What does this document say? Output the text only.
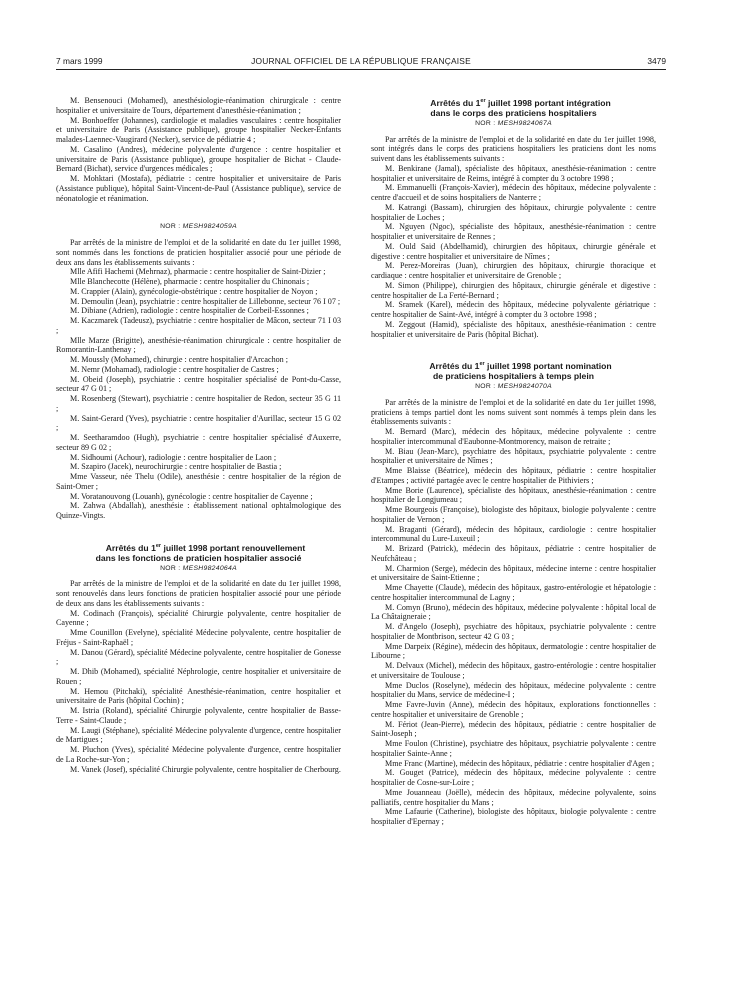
7 mars 1999	JOURNAL OFFICIEL DE LA RÉPUBLIQUE FRANÇAISE	3479

M. Bensenouci (Mohamed), anesthésiologie-réanimation chirurgicale : centre hospitalier et universitaire de Tours, département d'anesthésie-réanimation ;

M. Bonhoeffer (Johannes), cardiologie et maladies vasculaires : centre hospitalier et universitaire de Paris (Assistance publique), groupe hospitalier Necker-Enfants malades-Laennec-Vaugirard (Necker), service de pédiatrie 4 ;

M. Casalino (Andres), médecine polyvalente d'urgence : centre hospitalier et universitaire de Paris (Assistance publique), groupe hospitalier de Bichat - Claude-Bernard (Bichat), service d'urgences médicales ;

M. Mohktari (Mostafa), pédiatrie : centre hospitalier et universitaire de Paris (Assistance publique), hôpital Saint-Vincent-de-Paul (Assistance publique), service de néonatologie et réanimation.

NOR : MESH9824059A

Par arrêtés de la ministre de l'emploi et de la solidarité en date du 1er juillet 1998, sont nommés dans les fonctions de praticien hospitalier associé pour une période de deux ans dans les établissements suivants :

Mlle Afifi Hachemi (Mehrnaz), pharmacie : centre hospitalier de Saint-Dizier ;

Mlle Blanchecotte (Hélène), pharmacie : centre hospitalier du Chinonais ;

M. Crappier (Alain), gynécologie-obstétrique : centre hospitalier de Noyon ;

M. Demoulin (Jean), psychiatrie : centre hospitalier de Lillebonne, secteur 76 I 07 ;

M. Dibiane (Adrien), radiologie : centre hospitalier de Corbeil-Essonnes ;

M. Kaczmarek (Tadeusz), psychiatrie : centre hospitalier de Mâcon, secteur 71 I 03 ;

Mlle Marze (Brigitte), anesthésie-réanimation chirurgicale : centre hospitalier de Romorantin-Lanthenay ;

M. Moussly (Mohamed), chirurgie : centre hospitalier d'Arcachon ;

M. Nemr (Mohamad), radiologie : centre hospitalier de Castres ;

M. Obeid (Joseph), psychiatrie : centre hospitalier spécialisé de Pont-du-Casse, secteur 47 G 01 ;

M. Rosenberg (Stewart), psychiatrie : centre hospitalier de Redon, secteur 35 G 11 ;

M. Saint-Gerard (Yves), psychiatrie : centre hospitalier d'Aurillac, secteur 15 G 02 ;

M. Seetharamdoo (Hugh), psychiatrie : centre hospitalier spécialisé d'Auxerre, secteur 89 G 02 ;

M. Sidhoumi (Achour), radiologie : centre hospitalier de Laon ;

M. Szapiro (Jacek), neurochirurgie : centre hospitalier de Bastia ;

Mme Vasseur, née Thelu (Odile), anesthésie : centre hospitalier de la région de Saint-Omer ;

M. Voratanouvong (Louanh), gynécologie : centre hospitalier de Cayenne ;

M. Zahwa (Abdallah), anesthésie : établissement national ophtalmologique des Quinze-Vingts.

Arrêtés du 1er juillet 1998 portant renouvellement
dans les fonctions de praticien hospitalier associé

NOR : MESH9824064A

Par arrêtés de la ministre de l'emploi et de la solidarité en date du 1er juillet 1998, sont renouvelés dans leurs fonctions de praticien hospitalier associé pour une période de deux ans dans les établissements suivants :

M. Codinach (François), spécialité Chirurgie polyvalente, centre hospitalier de Cayenne ;

Mme Counillon (Evelyne), spécialité Médecine polyvalente, centre hospitalier de Fréjus - Saint-Raphaël ;

M. Danou (Gérard), spécialité Médecine polyvalente, centre hospitalier de Gonesse ;

M. Dhib (Mohamed), spécialité Néphrologie, centre hospitalier et universitaire de Rouen ;

M. Hemou (Pitchaki), spécialité Anesthésie-réanimation, centre hospitalier et universitaire de Paris (hôpital Cochin) ;

M. Istria (Roland), spécialité Chirurgie polyvalente, centre hospitalier de Basse-Terre - Saint-Claude ;

M. Laugi (Stéphane), spécialité Médecine polyvalente d'urgence, centre hospitalier de Martigues ;

M. Pluchon (Yves), spécialité Médecine polyvalente d'urgence, centre hospitalier de La Roche-sur-Yon ;

M. Vanek (Josef), spécialité Chirurgie polyvalente, centre hospitalier de Cherbourg.

Arrêtés du 1er juillet 1998 portant intégration
dans le corps des praticiens hospitaliers

NOR : MESH9824067A

Par arrêtés de la ministre de l'emploi et de la solidarité en date du 1er juillet 1998, sont intégrés dans le corps des praticiens hospitaliers les praticiens dont les noms suivent dans les établissements suivants :

M. Benkirane (Jamal), spécialiste des hôpitaux, anesthésie-réanimation : centre hospitalier et universitaire de Reims, intégré à compter du 3 octobre 1998 ;

M. Emmanuelli (François-Xavier), médecin des hôpitaux, médecine polyvalente : centre d'accueil et de soins hospitaliers de Nanterre ;

M. Katrangi (Bassam), chirurgien des hôpitaux, chirurgie polyvalente : centre hospitalier de Loches ;

M. Nguyen (Ngoc), spécialiste des hôpitaux, anesthésie-réanimation : centre hospitalier et universitaire de Rennes ;

M. Ould Said (Abdelhamid), chirurgien des hôpitaux, chirurgie générale et digestive : centre hospitalier et universitaire de Nîmes ;

M. Perez-Moreiras (Juan), chirurgien des hôpitaux, chirurgie thoracique et cardiaque : centre hospitalier et universitaire de Grenoble ;

M. Simon (Philippe), chirurgien des hôpitaux, chirurgie générale et digestive : centre hospitalier de La Ferté-Bernard ;

M. Sramek (Karel), médecin des hôpitaux, médecine polyvalente gériatrique : centre hospitalier de Saint-Avé, intégré à compter du 3 octobre 1998 ;

M. Zeggout (Hamid), spécialiste des hôpitaux, anesthésie-réanimation : centre hospitalier et universitaire de Paris (hôpital Bichat).

Arrêtés du 1er juillet 1998 portant nomination
de praticiens hospitaliers à temps plein

NOR : MESH9824070A

Par arrêtés de la ministre de l'emploi et de la solidarité en date du 1er juillet 1998, praticiens à temps partiel dont les noms suivent sont nommés à temps plein dans les établissements suivants :

M. Bernard (Marc), médecin des hôpitaux, médecine polyvalente : centre hospitalier intercommunal d'Eaubonne-Montmorency, maison de retraite ;

M. Biau (Jean-Marc), psychiatre des hôpitaux, psychiatrie polyvalente : centre hospitalier et universitaire de Nîmes ;

Mme Blaisse (Béatrice), médecin des hôpitaux, pédiatrie : centre hospitalier d'Etampes ; activité partagée avec le centre hospitalier de Pithiviers ;

Mme Borie (Laurence), spécialiste des hôpitaux, anesthésie-réanimation : centre hospitalier de Longjumeau ;

Mme Bourgeois (Françoise), biologiste des hôpitaux, biologie polyvalente : centre hospitalier de Vernon ;

M. Braganti (Gérard), médecin des hôpitaux, cardiologie : centre hospitalier intercommunal du Lure-Luxeuil ;

M. Brizard (Patrick), médecin des hôpitaux, pédiatrie : centre hospitalier de Neufchâteau ;

M. Charmion (Serge), médecin des hôpitaux, médecine interne : centre hospitalier et universitaire de Saint-Etienne ;

Mme Chayette (Claude), médecin des hôpitaux, gastro-entérologie et hépatologie : centre hospitalier intercommunal de Lagny ;

M. Comyn (Bruno), médecin des hôpitaux, médecine polyvalente : hôpital local de La Châtaigneraie ;

M. d'Angelo (Joseph), psychiatre des hôpitaux, psychiatrie polyvalente : centre hospitalier de Montbrison, secteur 42 G 03 ;

Mme Darpeix (Régine), médecin des hôpitaux, dermatologie : centre hospitalier de Libourne ;

M. Delvaux (Michel), médecin des hôpitaux, gastro-entérologie : centre hospitalier et universitaire de Toulouse ;

Mme Duclos (Roselyne), médecin des hôpitaux, médecine polyvalente : centre hospitalier du Mans, service de médecine-I ;

Mme Favre-Juvin (Anne), médecin des hôpitaux, explorations fonctionnelles : centre hospitalier et universitaire de Grenoble ;

M. Fériot (Jean-Pierre), médecin des hôpitaux, pédiatrie : centre hospitalier de Saint-Joseph ;

Mme Foulon (Christine), psychiatre des hôpitaux, psychiatrie polyvalente : centre hospitalier Sainte-Anne ;

Mme Franc (Martine), médecin des hôpitaux, pédiatrie : centre hospitalier d'Agen ;

M. Gouget (Patrice), médecin des hôpitaux, médecine polyvalente : centre hospitalier de Cosne-sur-Loire ;

Mme Jouanneau (Joëlle), médecin des hôpitaux, médecine polyvalente, soins palliatifs, centre hospitalier du Mans ;

Mme Lafaurie (Catherine), biologiste des hôpitaux, biologie polyvalente : centre hospitalier d'Epernay ;
